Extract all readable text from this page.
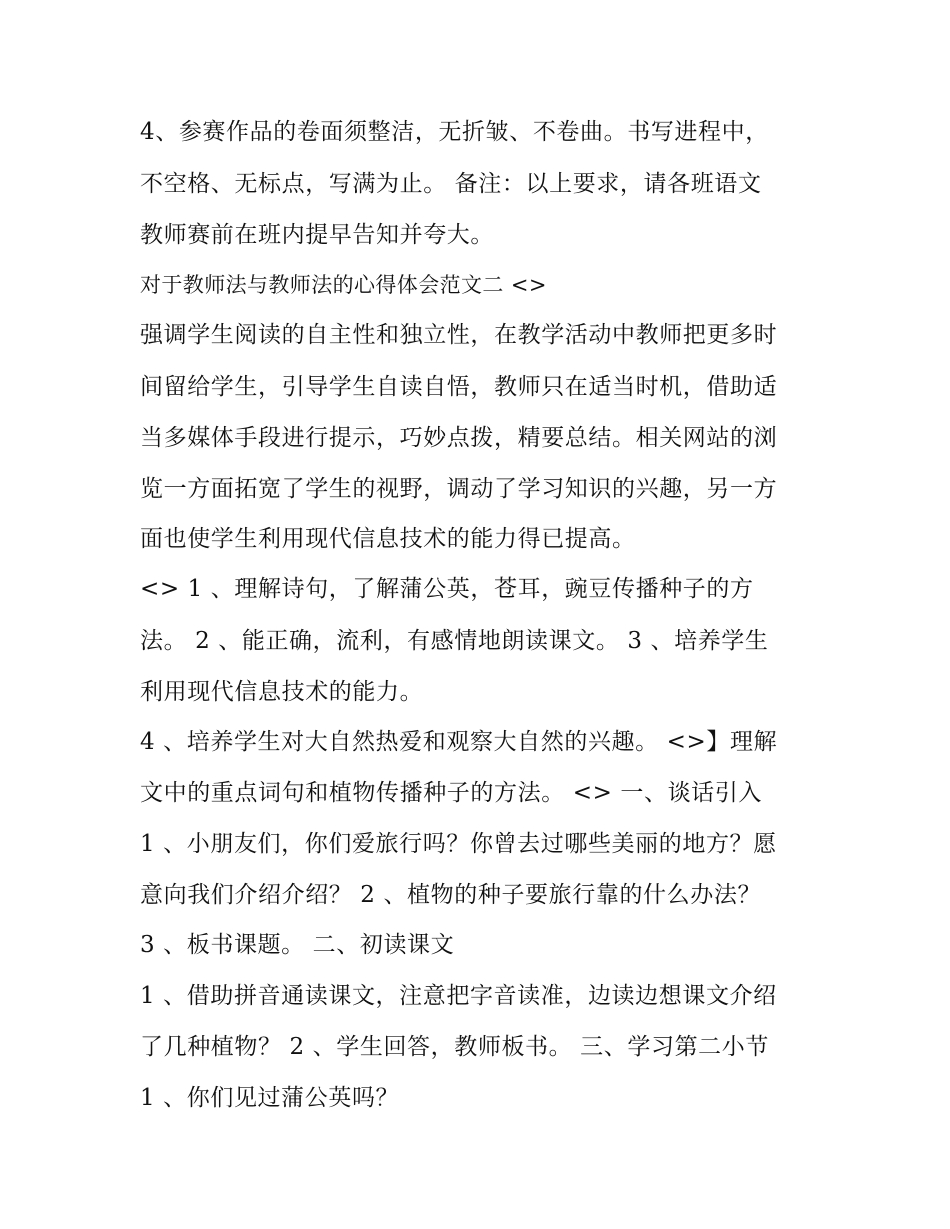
4、参赛作品的卷面须整洁，无折皱、不卷曲。书写进程中，
不空格、无标点，写满为止。 备注：以上要求，请各班语文
教师赛前在班内提早告知并夸大。
对于教师法与教师法的心得体会范文二 <>
强调学生阅读的自主性和独立性，在教学活动中教师把更多时
间留给学生，引导学生自读自悟，教师只在适当时机，借助适
当多媒体手段进行提示，巧妙点拨，精要总结。相关网站的浏
览一方面拓宽了学生的视野，调动了学习知识的兴趣，另一方
面也使学生利用现代信息技术的能力得已提高。
<> 1 、理解诗句，了解蒲公英，苍耳，豌豆传播种子的方
法。 2 、能正确，流利，有感情地朗读课文。 3 、培养学生
利用现代信息技术的能力。
4 、培养学生对大自然热爱和观察大自然的兴趣。 <>】理解
文中的重点词句和植物传播种子的方法。 <> 一、谈话引入
1 、小朋友们，你们爱旅行吗？你曾去过哪些美丽的地方？愿
意向我们介绍介绍？ 2 、植物的种子要旅行靠的什么办法？
3 、板书课题。 二、初读课文
1 、借助拼音通读课文，注意把字音读准，边读边想课文介绍
了几种植物？ 2 、学生回答，教师板书。 三、学习第二小节
1 、你们见过蒲公英吗？
